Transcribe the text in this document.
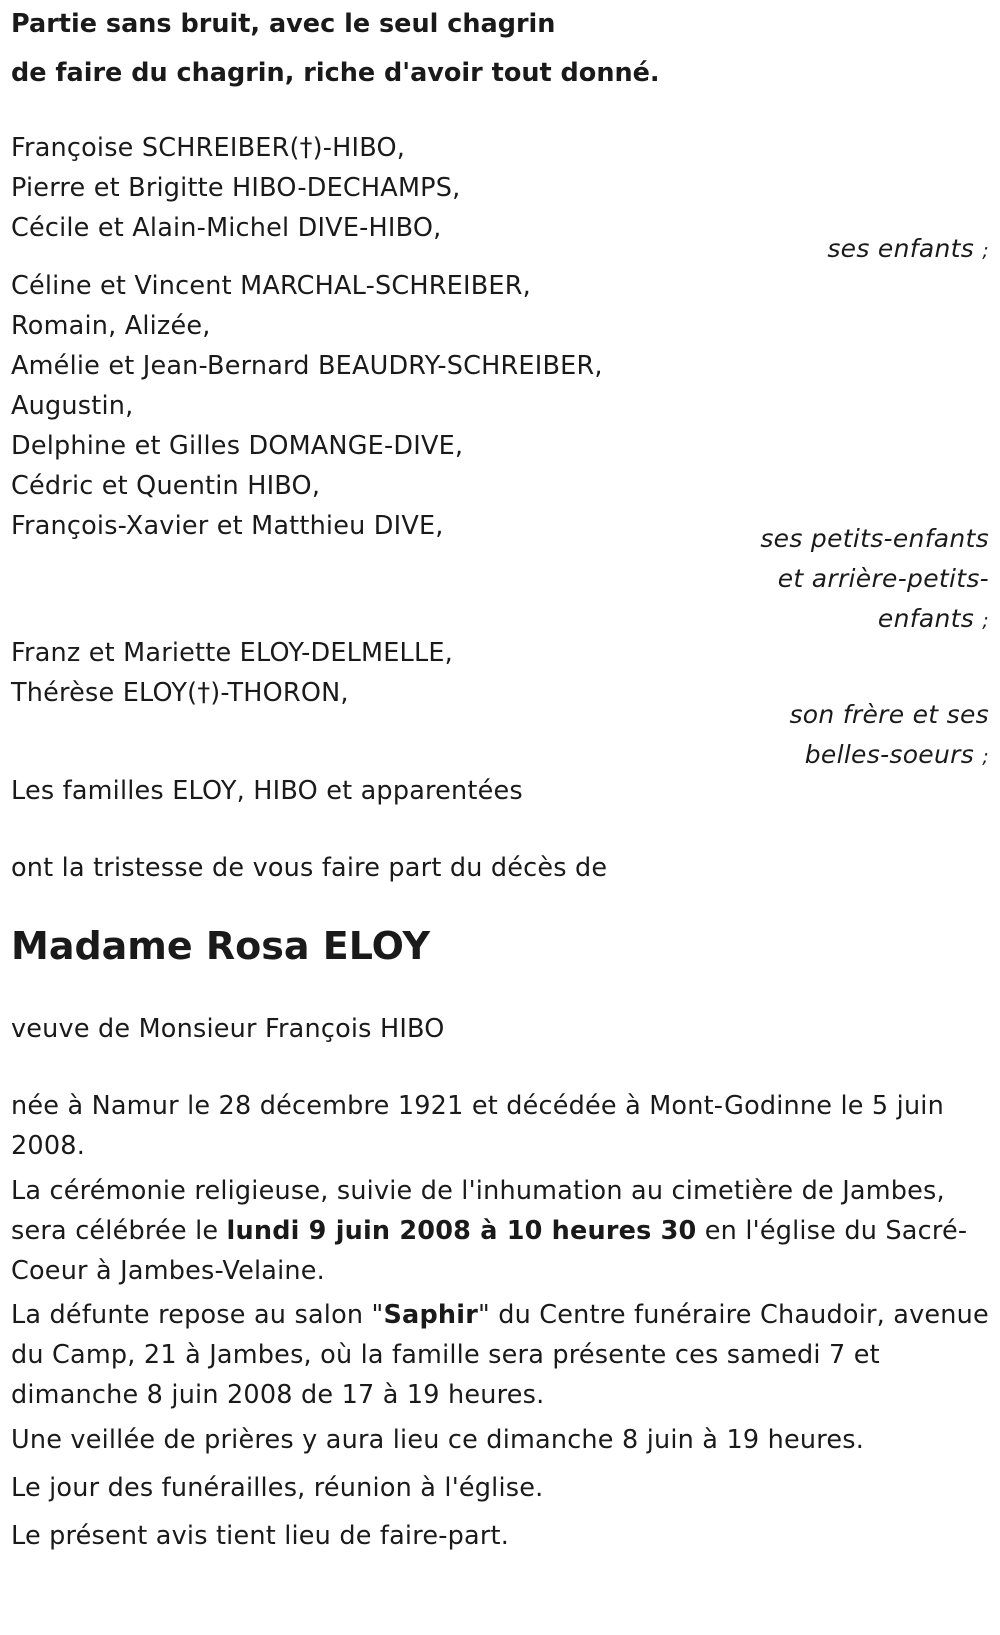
Partie sans bruit, avec le seul chagrin
de faire du chagrin, riche d'avoir tout donné.
Françoise SCHREIBER(†)-HIBO,
Pierre et Brigitte HIBO-DECHAMPS,
Cécile et Alain-Michel DIVE-HIBO,
ses enfants ;
Céline et Vincent MARCHAL-SCHREIBER,
Romain, Alizée,
Amélie et Jean-Bernard BEAUDRY-SCHREIBER,
Augustin,
Delphine et Gilles DOMANGE-DIVE,
Cédric et Quentin HIBO,
François-Xavier et Matthieu DIVE,	ses petits-enfants
et arrière-petits-
enfants ;
Franz et Mariette ELOY-DELMELLE,
Thérèse ELOY(†)-THORON,
son frère et ses
belles-soeurs ;
Les familles ELOY, HIBO et apparentées
ont la tristesse de vous faire part du décès de
Madame Rosa ELOY
veuve de Monsieur François HIBO
née à Namur le 28 décembre 1921 et décédée à Mont-Godinne le 5 juin 2008.
La cérémonie religieuse, suivie de l'inhumation au cimetière de Jambes, sera célébrée le lundi 9 juin 2008 à 10 heures 30 en l'église du Sacré-Coeur à Jambes-Velaine.
La défunte repose au salon "Saphir" du Centre funéraire Chaudoir, avenue du Camp, 21 à Jambes, où la famille sera présente ces samedi 7 et dimanche 8 juin 2008 de 17 à 19 heures.
Une veillée de prières y aura lieu ce dimanche 8 juin à 19 heures.
Le jour des funérailles, réunion à l'église.
Le présent avis tient lieu de faire-part.
